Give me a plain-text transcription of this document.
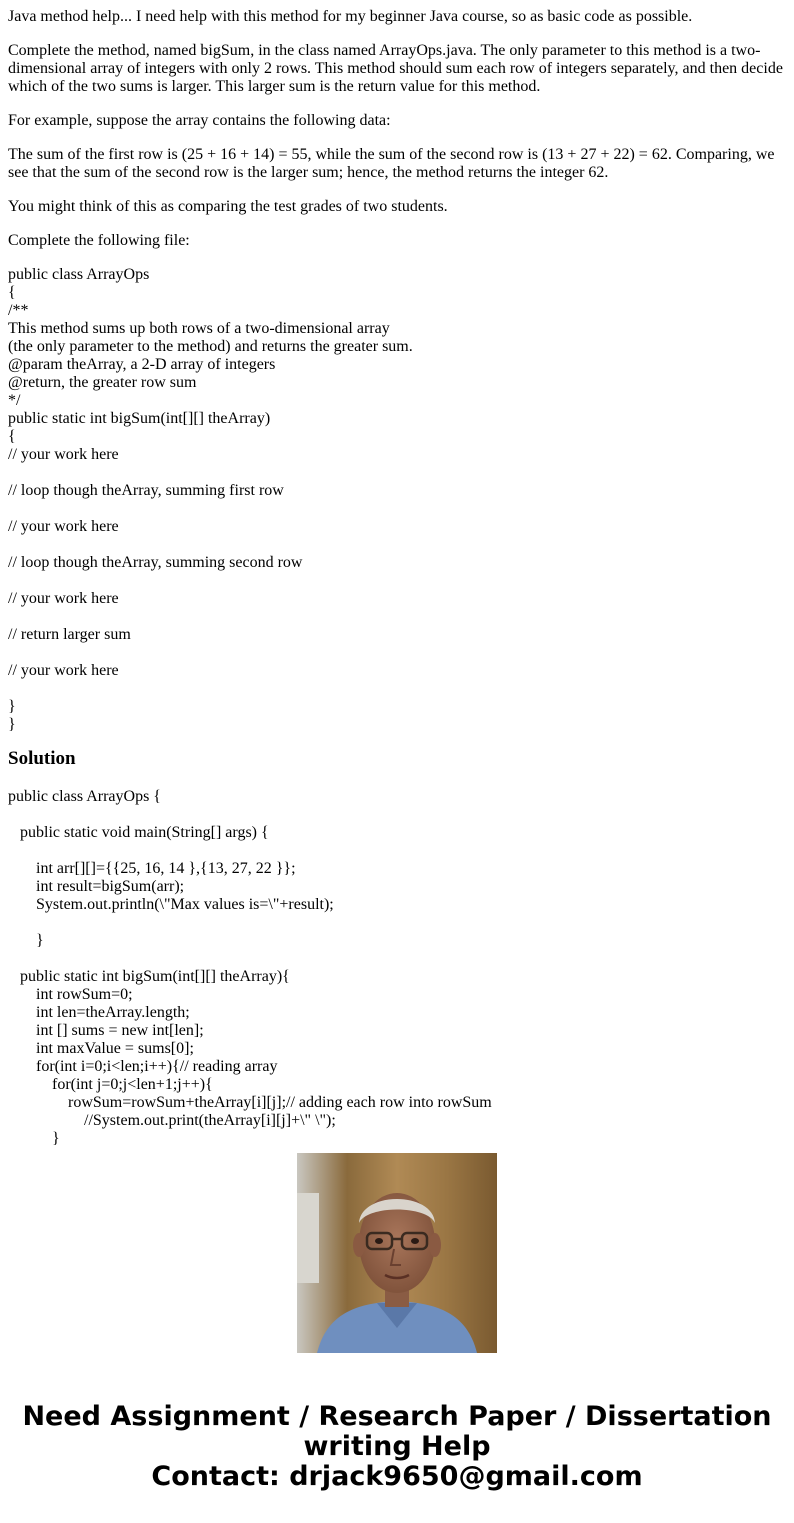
Java method help... I need help with this method for my beginner Java course, so as basic code as possible.

Complete the method, named bigSum, in the class named ArrayOps.java. The only parameter to this method is a two-dimensional array of integers with only 2 rows. This method should sum each row of integers separately, and then decide which of the two sums is larger. This larger sum is the return value for this method.

For example, suppose the array contains the following data:

The sum of the first row is (25 + 16 + 14) = 55, while the sum of the second row is (13 + 27 + 22) = 62. Comparing, we see that the sum of the second row is the larger sum; hence, the method returns the integer 62.

You might think of this as comparing the test grades of two students.

Complete the following file:

public class ArrayOps
{
/**
This method sums up both rows of a two-dimensional array
(the only parameter to the method) and returns the greater sum.
@param theArray, a 2-D array of integers
@return, the greater row sum
*/
public static int bigSum(int[][] theArray)
{
// your work here
// loop though theArray, summing first row
// your work here
// loop though theArray, summing second row
// your work here
// return larger sum
// your work here
}
}
Solution
public class ArrayOps {
public static void main(String[] args) {
int arr[][]={{25, 16, 14 },{13, 27, 22 }};
int result=bigSum(arr);
System.out.println(\"Max values is=\"+result);
}
public static int bigSum(int[][] theArray){
int rowSum=0;
int len=theArray.length;
int [] sums = new int[len];
int maxValue = sums[0];
for(int i=0;i<len;i++){// reading array
for(int j=0;j<len+1;j++){
rowSum=rowSum+theArray[i][j];// adding each row into rowSum
//System.out.print(theArray[i][j]+\" \");
}
Need Assignment / Research Paper / Dissertation
writing Help
Contact: drjack9650@gmail.com
